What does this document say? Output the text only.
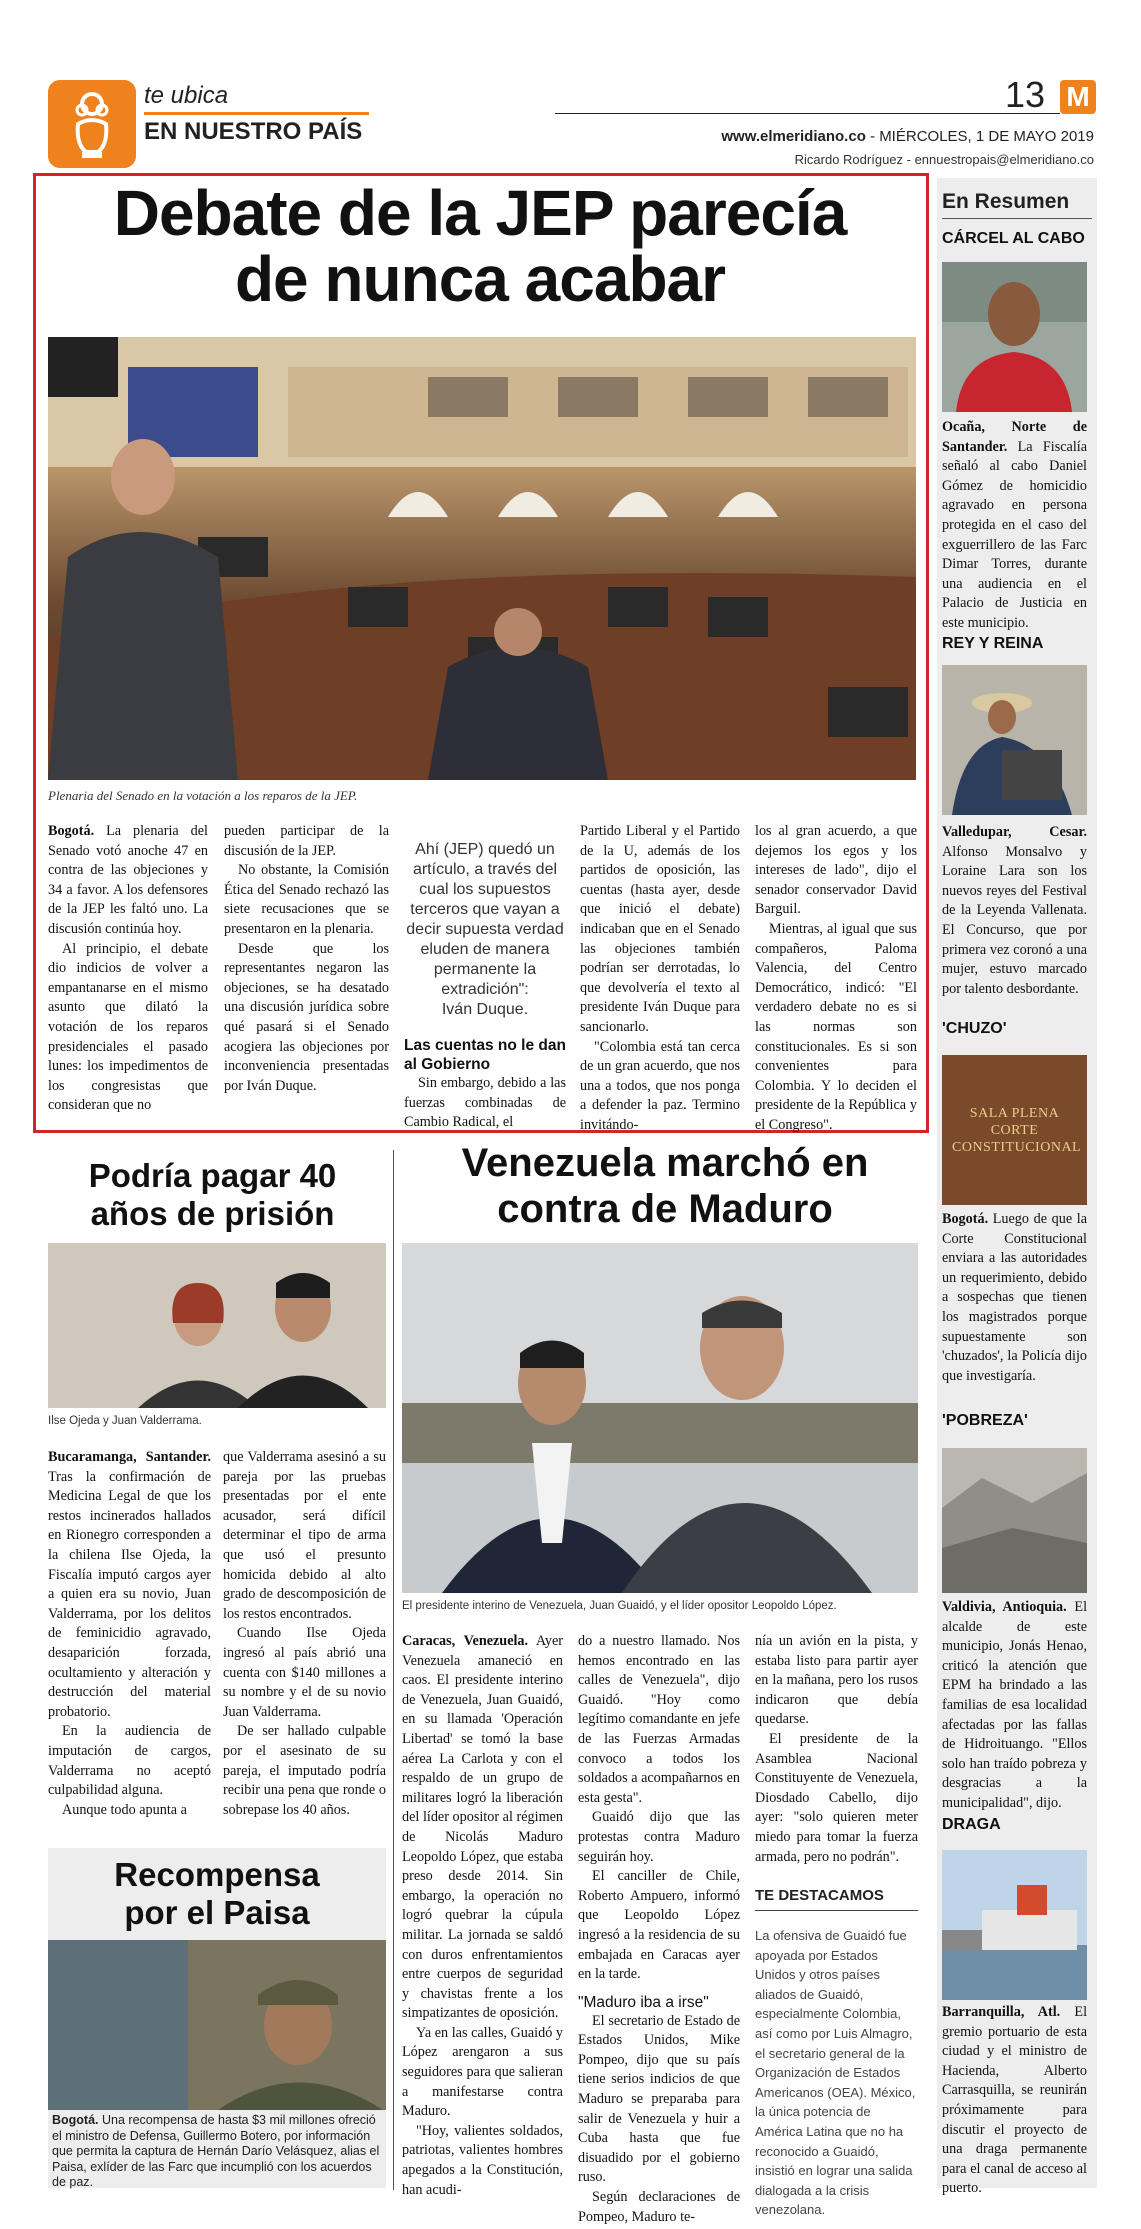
te ubica
EN NUESTRO PAÍS
13 M
www.elmeridiano.co - MIÉRCOLES, 1 DE MAYO 2019
Ricardo Rodríguez - ennuestropais@elmeridiano.co
Debate de la JEP parecía
de nunca acabar
Plenaria del Senado en la votación a los reparos de la JEP.

Bogotá. La plenaria del Senado votó anoche 47 en contra de las objeciones y 34 a favor. A los defensores de la JEP les faltó uno. La discusión continúa hoy.

Al principio, el debate dio indicios de volver a empantanarse en el mismo asunto que dilató la votación de los reparos presidenciales el pasado lunes: los impedimentos de los congresistas que consideran que no

pueden participar de la discusión de la JEP.

No obstante, la Comisión Ética del Senado rechazó las siete recusaciones que se presentaron en la plenaria.

Desde que los representantes negaron las objeciones, se ha desatado una discusión jurídica sobre qué pasará si el Senado acogiera las objeciones por inconveniencia presentadas por Iván Duque.

Ahí (JEP) quedó un artículo, a través del cual los supuestos terceros que vayan a decir supuesta verdad eluden de manera permanente la extradición":
Iván Duque.
Las cuentas no le dan al Gobierno

Sin embargo, debido a las fuerzas combinadas de Cambio Radical, el

Partido Liberal y el Partido de la U, además de los partidos de oposición, las cuentas (hasta ayer, desde que inició el debate) indicaban que en el Senado las objeciones también podrían ser derrotadas, lo que devolvería el texto al presidente Iván Duque para sancionarlo.

"Colombia está tan cerca de un gran acuerdo, que nos una a todos, que nos ponga a defender la paz. Termino invitándo-

los al gran acuerdo, a que dejemos los egos y los intereses de lado", dijo el senador conservador David Barguil.

Mientras, al igual que sus compañeros, Paloma Valencia, del Centro Democrático, indicó: "El verdadero debate no es si las normas son constitucionales. Es si son convenientes para Colombia. Y lo deciden el presidente de la República y el Congreso".

En Resumen
CÁRCEL AL CABO
Ocaña, Norte de Santander. La Fiscalía señaló al cabo Daniel Gómez de homicidio agravado en persona protegida en el caso del exguerrillero de las Farc Dimar Torres, durante una audiencia en el Palacio de Justicia en este municipio.
REY Y REINA
Valledupar, Cesar. Alfonso Monsalvo y Loraine Lara son los nuevos reyes del Festival de la Leyenda Vallenata. El Concurso, que por primera vez coronó a una mujer, estuvo marcado por talento desbordante.
'CHUZO'
SALA PLENA CORTE CONSTITUCIONAL
Bogotá. Luego de que la Corte Constitucional enviara a las autoridades un requerimiento, debido a sospechas que tienen los magistrados porque supuestamente son 'chuzados', la Policía dijo que investigaría.
'POBREZA'
Valdivia, Antioquia. El alcalde de este municipio, Jonás Henao, criticó la atención que EPM ha brindado a las familias de esa localidad afectadas por las fallas de Hidroituango. "Ellos solo han traído pobreza y desgracias a la municipalidad", dijo.
DRAGA
Barranquilla, Atl. El gremio portuario de esta ciudad y el ministro de Hacienda, Alberto Carrasquilla, se reunirán próximamente para discutir el proyecto de una draga permanente para el canal de acceso al puerto.
Podría pagar 40
años de prisión
Ilse Ojeda y Juan Valderrama.

Bucaramanga, Santander. Tras la confirmación de Medicina Legal de que los restos incinerados hallados en Rionegro corresponden a la chilena Ilse Ojeda, la Fiscalía imputó cargos ayer a quien era su novio, Juan Valderrama, por los delitos de feminicidio agravado, desaparición forzada, ocultamiento y alteración y destrucción del material probatorio.

En la audiencia de imputación de cargos, Valderrama no aceptó culpabilidad alguna.

Aunque todo apunta a

que Valderrama asesinó a su pareja por las pruebas presentadas por el ente acusador, será difícil determinar el tipo de arma que usó el presunto homicida debido al alto grado de descomposición de los restos encontrados.

Cuando Ilse Ojeda ingresó al país abrió una cuenta con $140 millones a su nombre y el de su novio Juan Valderrama.

De ser hallado culpable por el asesinato de su pareja, el imputado podría recibir una pena que ronde o sobrepase los 40 años.

Recompensa
por el Paisa
Bogotá. Una recompensa de hasta $3 mil millones ofreció el ministro de Defensa, Guillermo Botero, por información que permita la captura de Hernán Darío Velásquez, alias el Paisa, exlíder de las Farc que incumplió con los acuerdos de paz.
Venezuela marchó en
contra de Maduro
El presidente interino de Venezuela, Juan Guaidó, y el líder opositor Leopoldo López.

Caracas, Venezuela. Ayer Venezuela amaneció en caos. El presidente interino de Venezuela, Juan Guaidó, en su llamada 'Operación Libertad' se tomó la base aérea La Carlota y con el respaldo de un grupo de militares logró la liberación del líder opositor al régimen de Nicolás Maduro Leopoldo López, que estaba preso desde 2014. Sin embargo, la operación no logró quebrar la cúpula militar. La jornada se saldó con duros enfrentamientos entre cuerpos de seguridad y chavistas frente a los simpatizantes de oposición.

Ya en las calles, Guaidó y López arengaron a sus seguidores para que salieran a manifestarse contra Maduro.

"Hoy, valientes soldados, patriotas, valientes hombres apegados a la Constitución, han acudi-

do a nuestro llamado. Nos hemos encontrado en las calles de Venezuela", dijo Guaidó. "Hoy como legítimo comandante en jefe de las Fuerzas Armadas convoco a todos los soldados a acompañarnos en esta gesta".

Guaidó dijo que las protestas contra Maduro seguirán hoy.

El canciller de Chile, Roberto Ampuero, informó que Leopoldo López ingresó a la residencia de su embajada en Caracas ayer en la tarde.

"Maduro iba a irse"

El secretario de Estado de Estados Unidos, Mike Pompeo, dijo que su país tiene serios indicios de que Maduro se preparaba para salir de Venezuela y huir a Cuba hasta que fue disuadido por el gobierno ruso.

Según declaraciones de Pompeo, Maduro te-

nía un avión en la pista, y estaba listo para partir ayer en la mañana, pero los rusos indicaron que debía quedarse.

El presidente de la Asamblea Nacional Constituyente de Venezuela, Diosdado Cabello, dijo ayer: "solo quieren meter miedo para tomar la fuerza armada, pero no podrán".

TE DESTACAMOS
La ofensiva de Guaidó fue apoyada por Estados Unidos y otros países aliados de Guaidó, especialmente Colombia, así como por Luis Almagro, el secretario general de la Organización de Estados Americanos (OEA). México, la única potencia de América Latina que no ha reconocido a Guaidó, insistió en lograr una salida dialogada a la crisis venezolana.
